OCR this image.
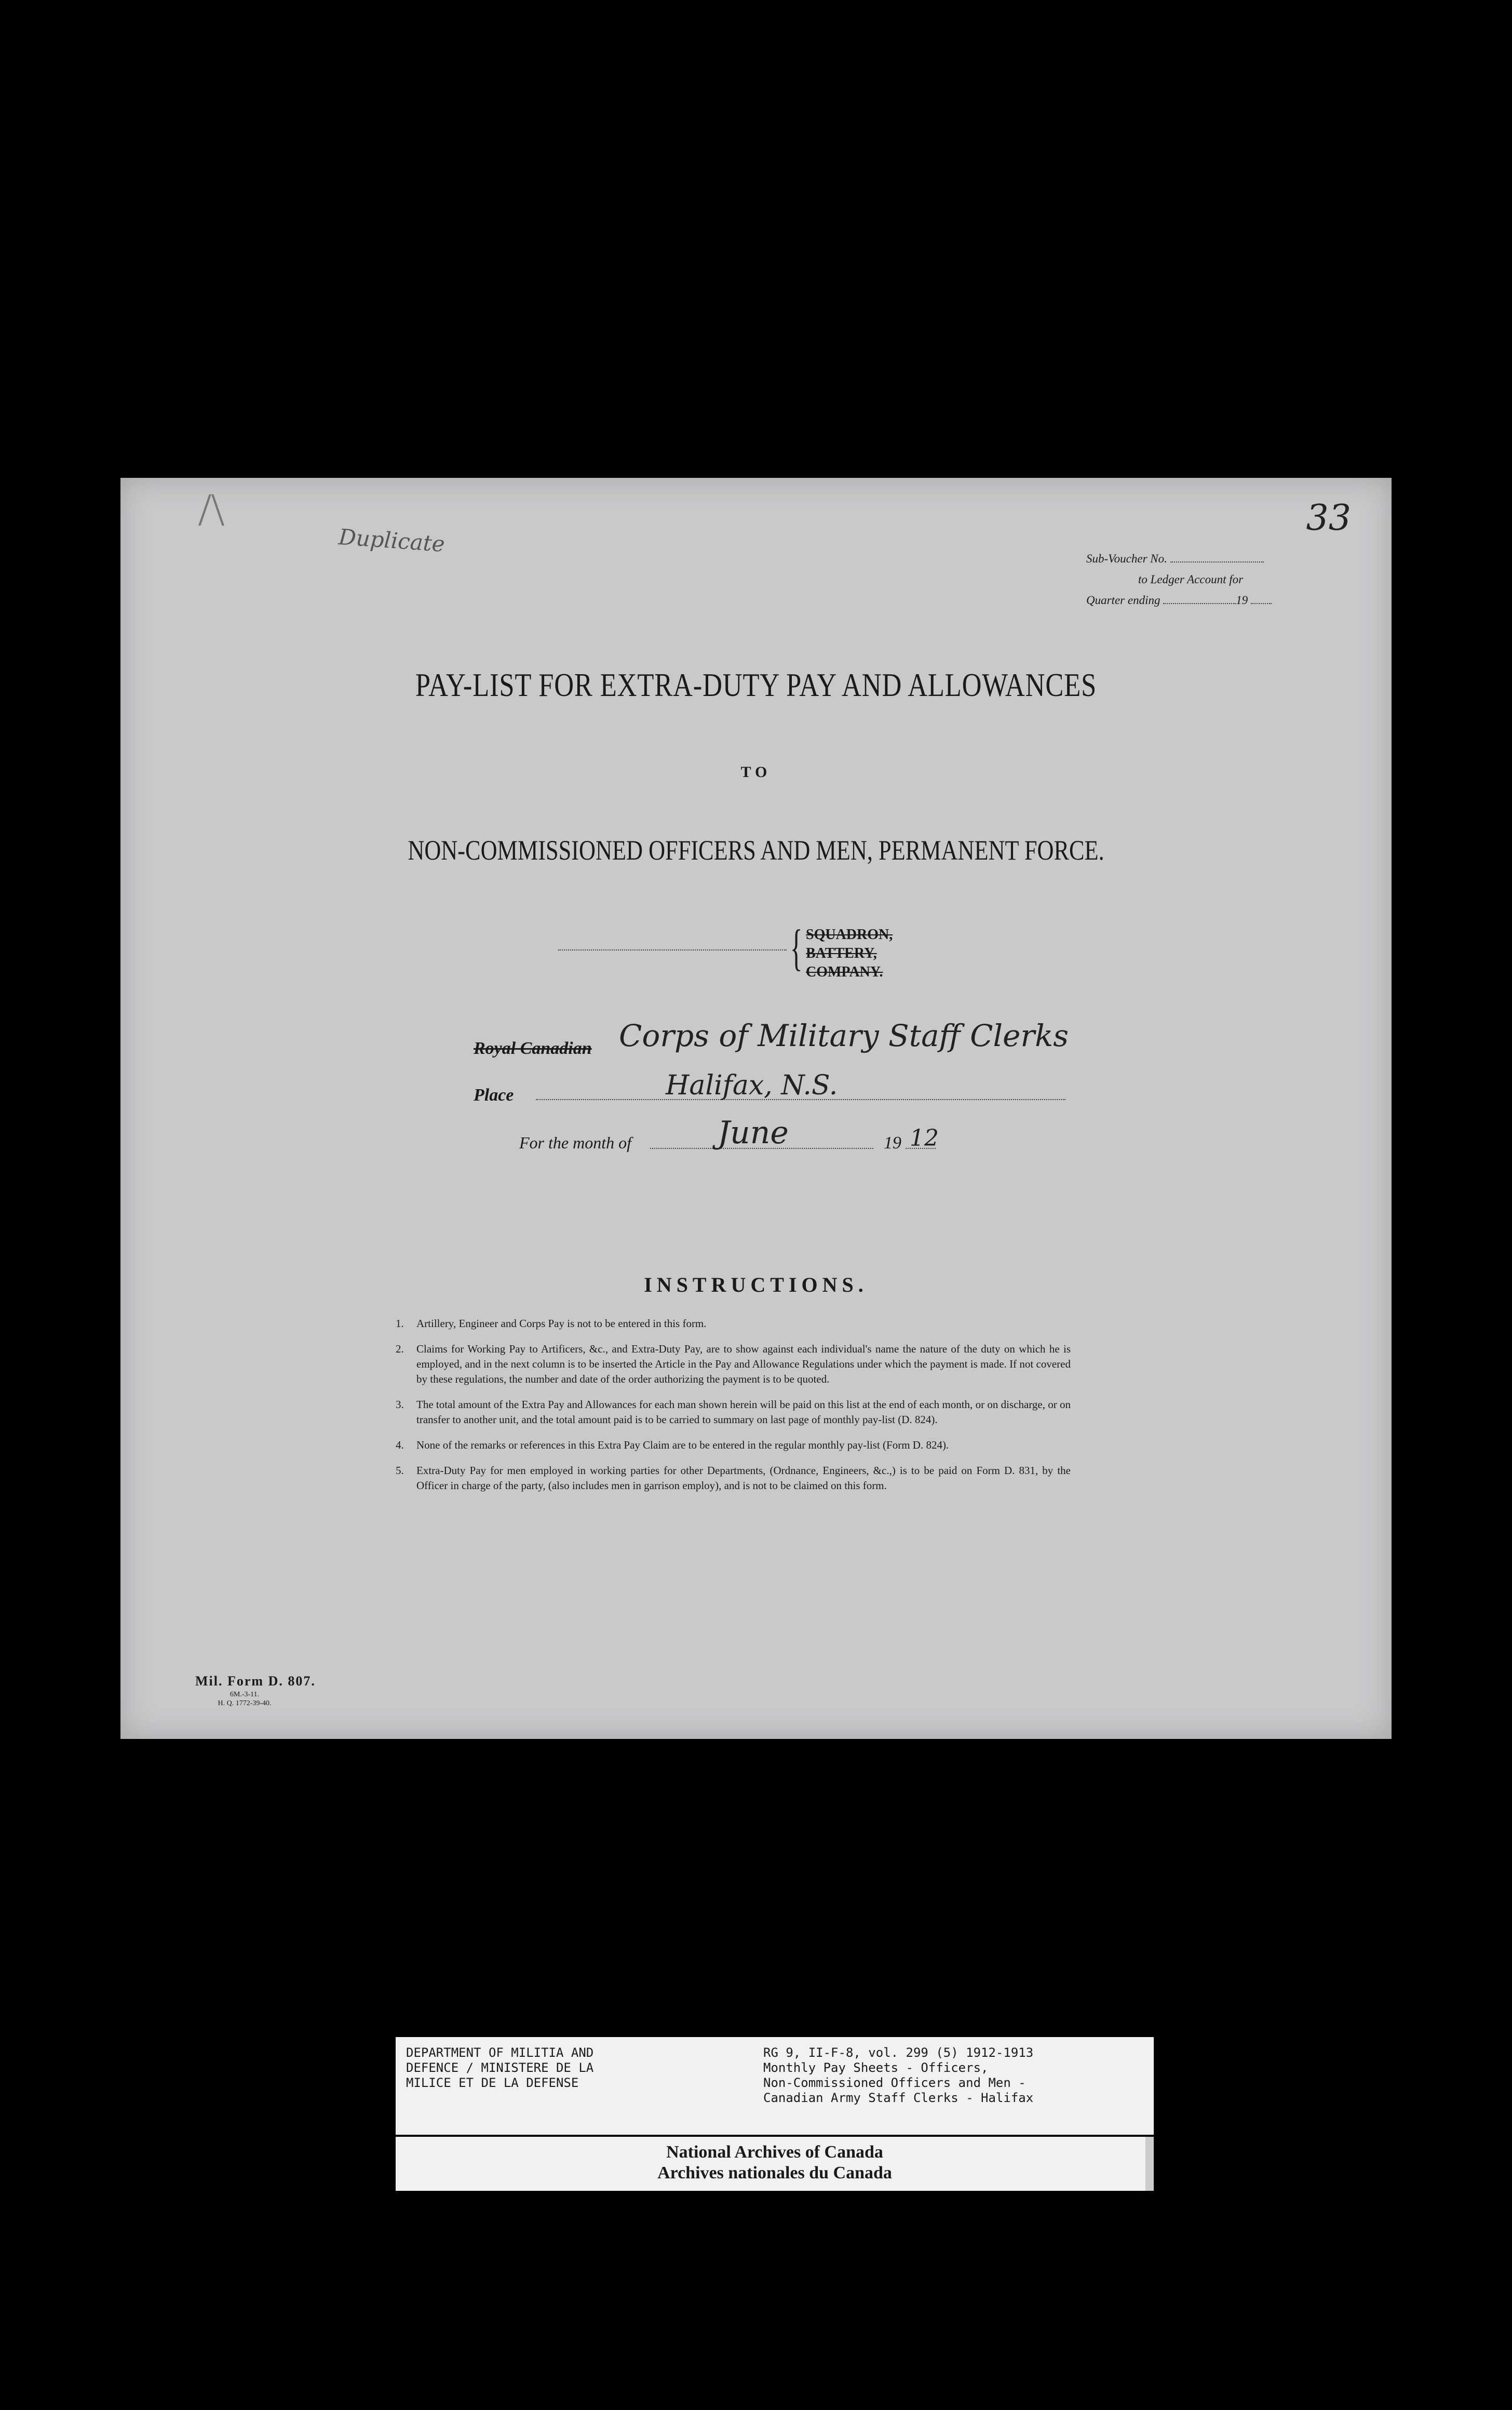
/\	33
Duplicate
Sub-Voucher No.
to Ledger Account for
Quarter ending	19
PAY-LIST FOR EXTRA-DUTY PAY AND ALLOWANCES
TO
NON-COMMISSIONED OFFICERS AND MEN, PERMANENT FORCE.
{ SQUADRON,
BATTERY,
COMPANY.
Royal Canadian Corps of Military Staff Clerks
Place	Halifax, N.S.
For the month of	June	19 12
INSTRUCTIONS.
1. Artillery, Engineer and Corps Pay is not to be entered in this form.
2. Claims for Working Pay to Artificers, &c., and Extra-Duty Pay, are to show against each individual's name the nature of the duty on which he is employed, and in the next column is to be inserted the Article in the Pay and Allowance Regulations under which the payment is made. If not covered by these regulations, the number and date of the order authorizing the payment is to be quoted.
3. The total amount of the Extra Pay and Allowances for each man shown herein will be paid on this list at the end of each month, or on discharge, or on transfer to another unit, and the total amount paid is to be carried to summary on last page of monthly pay-list (D. 824).
4. None of the remarks or references in this Extra Pay Claim are to be entered in the regular monthly pay-list (Form D. 824).
5. Extra-Duty Pay for men employed in working parties for other Departments, (Ordnance, Engineers, &c.,) is to be paid on Form D. 831, by the Officer in charge of the party, (also includes men in garrison employ), and is not to be claimed on this form.
Mil. Form D. 807.
6M.-3-11.
H. Q. 1772-39-40.
DEPARTMENT OF MILITIA AND
DEFENCE / MINISTERE DE LA
MILICE ET DE LA DEFENSE
RG 9, II-F-8, vol. 299 (5) 1912-1913
Monthly Pay Sheets - Officers,
Non-Commissioned Officers and Men -
Canadian Army Staff Clerks - Halifax
National Archives of Canada
Archives nationales du Canada
